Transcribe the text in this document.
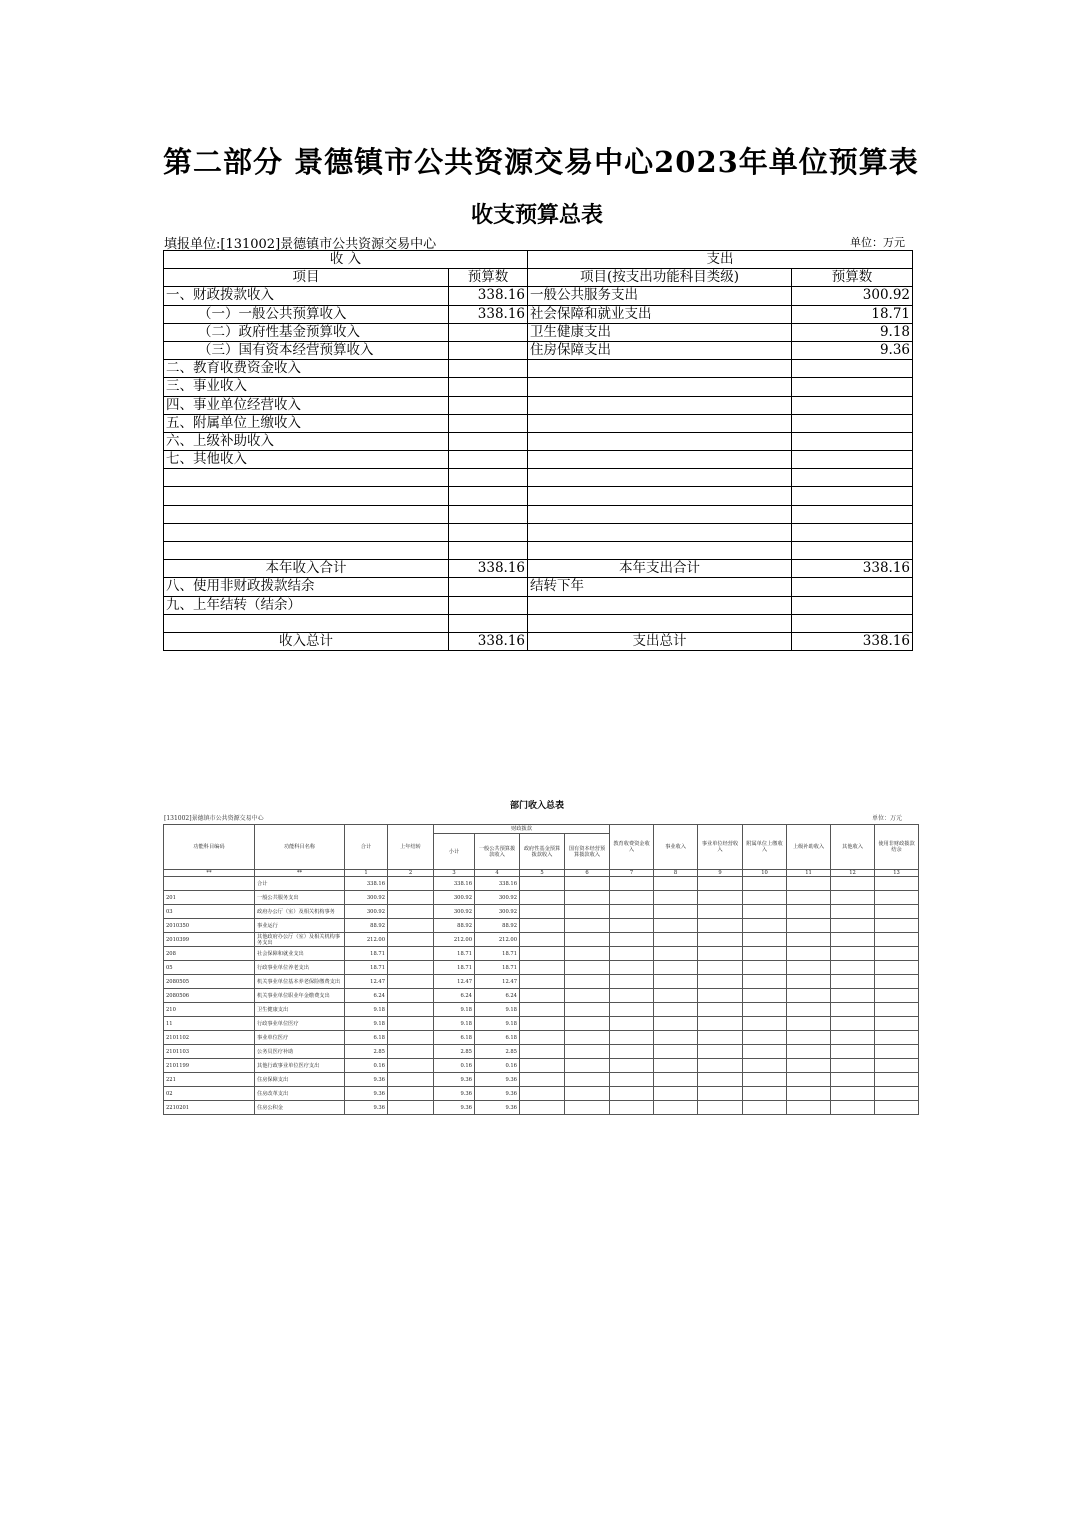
第二部分 景德镇市公共资源交易中心2023年单位预算表
收支预算总表
填报单位:[131002]景德镇市公共资源交易中心	单位：万元
收 入		支出	
项目	预算数	项目(按支出功能科目类级)	预算数
一、财政拨款收入	338.16	一般公共服务支出	300.92
（一）一般公共预算收入	338.16	社会保障和就业支出	18.71
（二）政府性基金预算收入		卫生健康支出	9.18
（三）国有资本经营预算收入		住房保障支出	9.36
二、教育收费资金收入			
三、事业收入			
四、事业单位经营收入			
五、附属单位上缴收入			
六、上级补助收入			
七、其他收入			

本年收入合计	338.16	本年支出合计	338.16
八、使用非财政拨款结余		结转下年	
九、上年结转（结余）			

收入总计	338.16	支出总计	338.16
部门收入总表
[131002]景德镇市公共资源交易中心	单位：万元
功能科目编码	功能科目名称	合计	上年结转	财政拨款				教育收费资金收入	事业收入	事业单位经营收入	附属单位上缴收入	上级补助收入	其他收入	使用非财政拨款结余
				小计	一般公共预算拨款收入	政府性基金预算拨款收入	国有资本经营预算拨款收入							
**	**	1	2	3	4	5	6	7	8	9	10	11	12	13
	合计	338.16		338.16	338.16									
201	一般公共服务支出	300.92		300.92	300.92									
03	政府办公厅（室）及相关机构事务	300.92		300.92	300.92									
2010350	事业运行	88.92		88.92	88.92									
2010399	其他政府办公厅（室）及相关机构事务支出	212.00		212.00	212.00									
208	社会保障和就业支出	18.71		18.71	18.71									
05	行政事业单位养老支出	18.71		18.71	18.71									
2080505	机关事业单位基本养老保险缴费支出	12.47		12.47	12.47									
2080506	机关事业单位职业年金缴费支出	6.24		6.24	6.24									
210	卫生健康支出	9.18		9.18	9.18									
11	行政事业单位医疗	9.18		9.18	9.18									
2101102	事业单位医疗	6.18		6.18	6.18									
2101103	公务员医疗补助	2.85		2.85	2.85									
2101199	其他行政事业单位医疗支出	0.16		0.16	0.16									
221	住房保障支出	9.36		9.36	9.36									
02	住房改革支出	9.36		9.36	9.36									
2210201	住房公积金	9.36		9.36	9.36									
